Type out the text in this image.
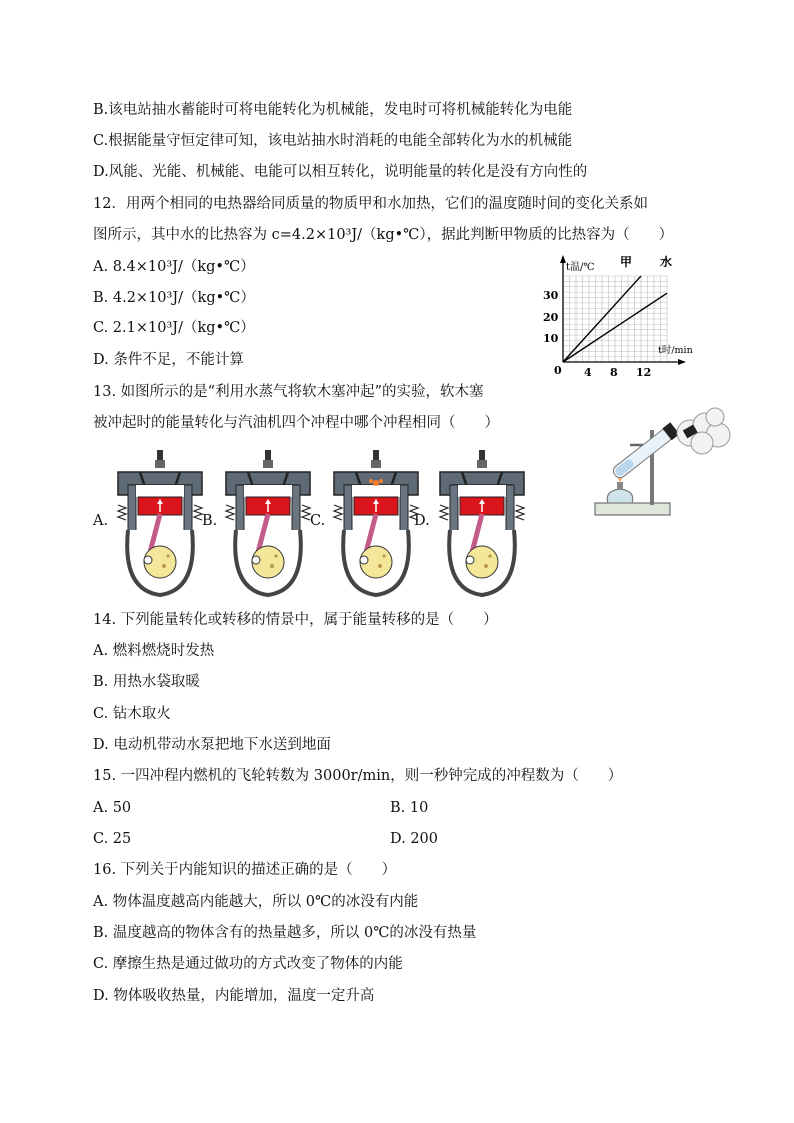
B.该电站抽水蓄能时可将电能转化为机械能，发电时可将机械能转化为电能
C.根据能量守恒定律可知，该电站抽水时消耗的电能全部转化为水的机械能
D.风能、光能、机械能、电能可以相互转化，说明能量的转化是没有方向性的
12．用两个相同的电热器给同质量的物质甲和水加热，它们的温度随时间的变化关系如
图所示，其中水的比热容为 c=4.2×10³J/（kg•℃），据此判断甲物质的比热容为（　　）
A. 8.4×10³J/（kg•℃）
B. 4.2×10³J/（kg•℃）
C. 2.1×10³J/（kg•℃）
D. 条件不足，不能计算
0
10
20
30
4 8 12
t温/℃
t时/min
甲 水
13. 如图所示的是“利用水蒸气将软木塞冲起”的实验，软木塞
被冲起时的能量转化与汽油机四个冲程中哪个冲程相同（　　）
A.	B.	C.	D.
14. 下列能量转化或转移的情景中，属于能量转移的是（　　）
A. 燃料燃烧时发热
B. 用热水袋取暖
C. 钻木取火
D. 电动机带动水泵把地下水送到地面
15. 一四冲程内燃机的飞轮转数为 3000r/min，则一秒钟完成的冲程数为（　　）
A. 50	B. 10
C. 25	D. 200
16. 下列关于内能知识的描述正确的是（　　）
A. 物体温度越高内能越大，所以 0℃的冰没有内能
B. 温度越高的物体含有的热量越多，所以 0℃的冰没有热量
C. 摩擦生热是通过做功的方式改变了物体的内能
D. 物体吸收热量，内能增加，温度一定升高
